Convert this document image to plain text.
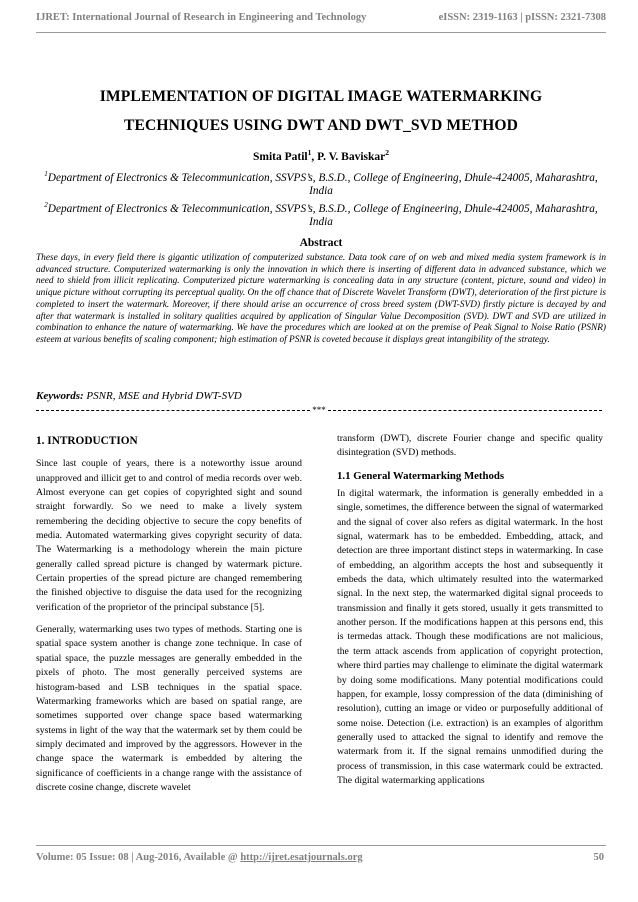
IJRET: International Journal of Research in Engineering and Technology	eISSN: 2319-1163 | pISSN: 2321-7308
IMPLEMENTATION OF DIGITAL IMAGE WATERMARKING
TECHNIQUES USING DWT AND DWT_SVD METHOD
Smita Patil$^1$, P. V. Baviskar$^2$
$^1$Department of Electronics & Telecommunication, SSVPS’s, B.S.D., College of Engineering, Dhule-424005, Maharashtra, India
$^2$Department of Electronics & Telecommunication, SSVPS’s, B.S.D., College of Engineering, Dhule-424005, Maharashtra, India
Abstract
These days, in every field there is gigantic utilization of computerized substance. Data took care of on web and mixed media system framework is in advanced structure. Computerized watermarking is only the innovation in which there is inserting of different data in advanced substance, which we need to shield from illicit replicating. Computerized picture watermarking is concealing data in any structure (content, picture, sound and video) in unique picture without corrupting its perceptual quality. On the off chance that of Discrete Wavelet Transform (DWT), deterioration of the first picture is completed to insert the watermark. Moreover, if there should arise an occurrence of cross breed system (DWT-SVD) firstly picture is decayed by and after that watermark is installed in solitary qualities acquired by application of Singular Value Decomposition (SVD). DWT and SVD are utilized in combination to enhance the nature of watermarking. We have the procedures which are looked at on the premise of Peak Signal to Noise Ratio (PSNR) esteem at various benefits of scaling component; high estimation of PSNR is coveted because it displays great intangibility of the strategy.
Keywords: PSNR, MSE and Hybrid DWT-SVD
***
1. INTRODUCTION

Since last couple of years, there is a noteworthy issue around unapproved and illicit get to and control of media records over web. Almost everyone can get copies of copyrighted sight and sound straight forwardly. So we need to make a lively system remembering the deciding objective to secure the copy benefits of media. Automated watermarking gives copyright security of data. The Watermarking is a methodology wherein the main picture generally called spread picture is changed by watermark picture. Certain properties of the spread picture are changed remembering the finished objective to disguise the data used for the recognizing verification of the proprietor of the principal substance [5].

Generally, watermarking uses two types of methods. Starting one is spatial space system another is change zone technique. In case of spatial space, the puzzle messages are generally embedded in the pixels of photo. The most generally perceived systems are histogram-based and LSB techniques in the spatial space. Watermarking frameworks which are based on spatial range, are sometimes supported over change space based watermarking systems in light of the way that the watermark set by them could be simply decimated and improved by the aggressors. However in the change space the watermark is embedded by altering the significance of coefficients in a change range with the assistance of discrete cosine change, discrete wavelet

transform (DWT), discrete Fourier change and specific quality disintegration (SVD) methods.

1.1 General Watermarking Methods

In digital watermark, the information is generally embedded in a single, sometimes, the difference between the signal of watermarked and the signal of cover also refers as digital watermark. In the host signal, watermark has to be embedded. Embedding, attack, and detection are three important distinct steps in watermarking. In case of embedding, an algorithm accepts the host and subsequently it embeds the data, which ultimately resulted into the watermarked signal. In the next step, the watermarked digital signal proceeds to transmission and finally it gets stored, usually it gets transmitted to another person. If the modifications happen at this persons end, this is termedas attack. Though these modifications are not malicious, the term attack ascends from application of copyright protection, where third parties may challenge to eliminate the digital watermark by doing some modifications. Many potential modifications could happen, for example, lossy compression of the data (diminishing of resolution), cutting an image or video or purposefully additional of some noise. Detection (i.e. extraction) is an examples of algorithm generally used to attacked the signal to identify and remove the watermark from it. If the signal remains unmodified during the process of transmission, in this case watermark could be extracted. The digital watermarking applications

Volume: 05 Issue: 08 | Aug-2016, Available @ http://ijret.esatjournals.org	50
